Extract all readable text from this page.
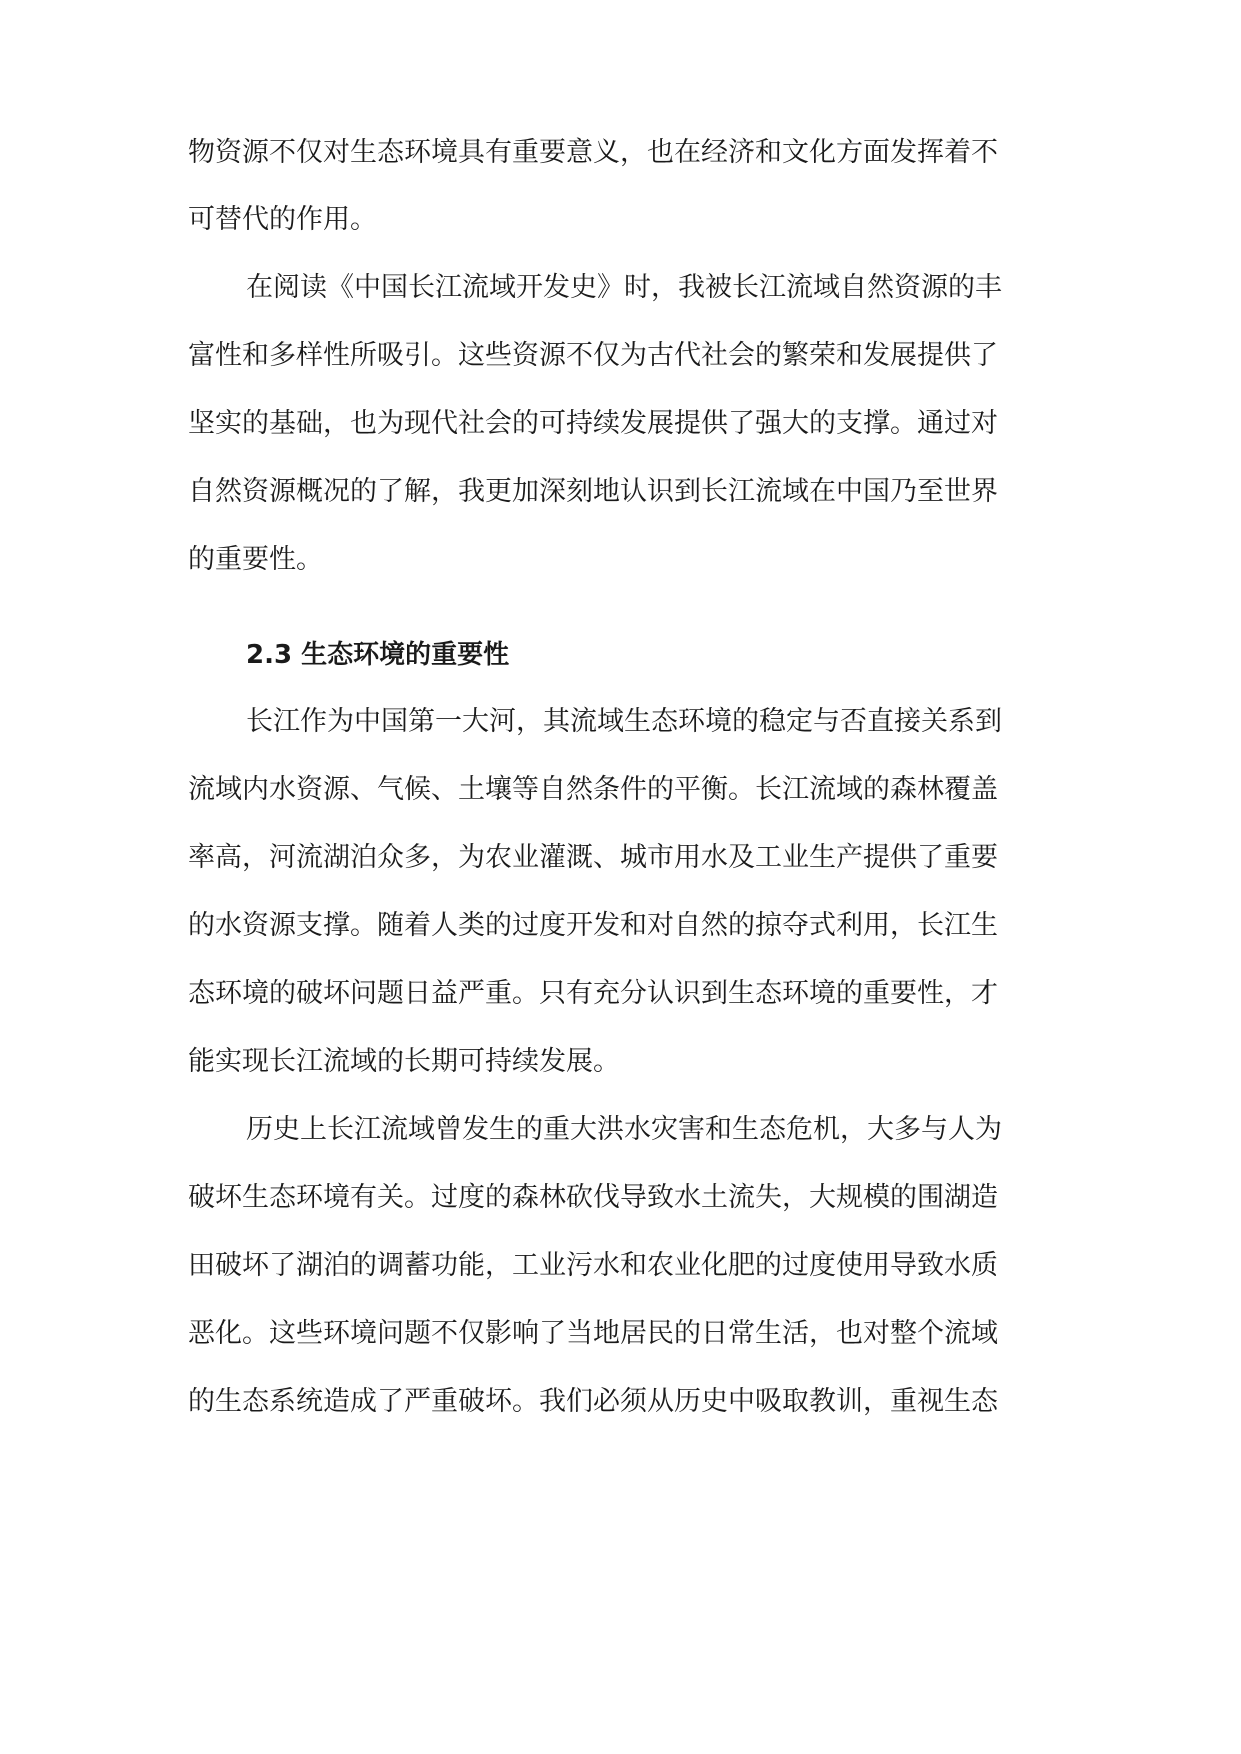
物资源不仅对生态环境具有重要意义，也在经济和文化方面发挥着不
可替代的作用。
在阅读《中国长江流域开发史》时，我被长江流域自然资源的丰
富性和多样性所吸引。这些资源不仅为古代社会的繁荣和发展提供了
坚实的基础，也为现代社会的可持续发展提供了强大的支撑。通过对
自然资源概况的了解，我更加深刻地认识到长江流域在中国乃至世界
的重要性。
2.3 生态环境的重要性
长江作为中国第一大河，其流域生态环境的稳定与否直接关系到
流域内水资源、气候、土壤等自然条件的平衡。长江流域的森林覆盖
率高，河流湖泊众多，为农业灌溉、城市用水及工业生产提供了重要
的水资源支撑。随着人类的过度开发和对自然的掠夺式利用，长江生
态环境的破坏问题日益严重。只有充分认识到生态环境的重要性，才
能实现长江流域的长期可持续发展。
历史上长江流域曾发生的重大洪水灾害和生态危机，大多与人为
破坏生态环境有关。过度的森林砍伐导致水土流失，大规模的围湖造
田破坏了湖泊的调蓄功能，工业污水和农业化肥的过度使用导致水质
恶化。这些环境问题不仅影响了当地居民的日常生活，也对整个流域
的生态系统造成了严重破坏。我们必须从历史中吸取教训，重视生态
